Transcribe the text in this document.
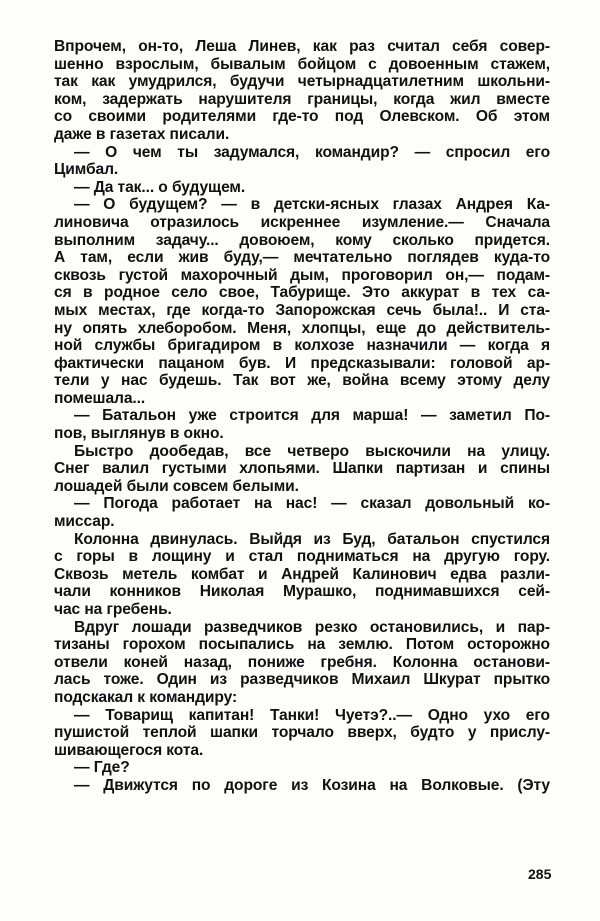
Впрочем, он-то, Леша Линев, как раз считал себя совер-
шенно взрослым, бывалым бойцом с довоенным стажем,
так как умудрился, будучи четырнадцатилетним школьни-
ком, задержать нарушителя границы, когда жил вместе
со своими родителями где-то под Олевском. Об этом
даже в газетах писали.
— О чем ты задумался, командир? — спросил его
Цимбал.
— Да так... о будущем.
— О будущем? — в детски-ясных глазах Андрея Ка-
линовича отразилось искреннее изумление.— Сначала
выполним задачу... довоюем, кому сколько придется.
А там, если жив буду,— мечтательно поглядев куда-то
сквозь густой махорочный дым, проговорил он,— подам-
ся в родное село свое, Табурище. Это аккурат в тех са-
мых местах, где когда-то Запорожская сечь была!.. И ста-
ну опять хлеборобом. Меня, хлопцы, еще до действитель-
ной службы бригадиром в колхозе назначили — когда я
фактически пацаном був. И предсказывали: головой ар-
тели у нас будешь. Так вот же, война всему этому делу
помешала...
— Батальон уже строится для марша! — заметил По-
пов, выглянув в окно.
Быстро дообедав, все четверо выскочили на улицу.
Снег валил густыми хлопьями. Шапки партизан и спины
лошадей были совсем белыми.
— Погода работает на нас! — сказал довольный ко-
миссар.
Колонна двинулась. Выйдя из Буд, батальон спустился
с горы в лощину и стал подниматься на другую гору.
Сквозь метель комбат и Андрей Калинович едва разли-
чали конников Николая Мурашко, поднимавшихся сей-
час на гребень.
Вдруг лошади разведчиков резко остановились, и пар-
тизаны горохом посыпались на землю. Потом осторожно
отвели коней назад, пониже гребня. Колонна останови-
лась тоже. Один из разведчиков Михаил Шкурат прытко
подскакал к командиру:
— Товарищ капитан! Танки! Чуетэ?..— Одно ухо его
пушистой теплой шапки торчало вверх, будто у прислу-
шивающегося кота.
— Где?
— Движутся по дороге из Козина на Волковые. (Эту
285
